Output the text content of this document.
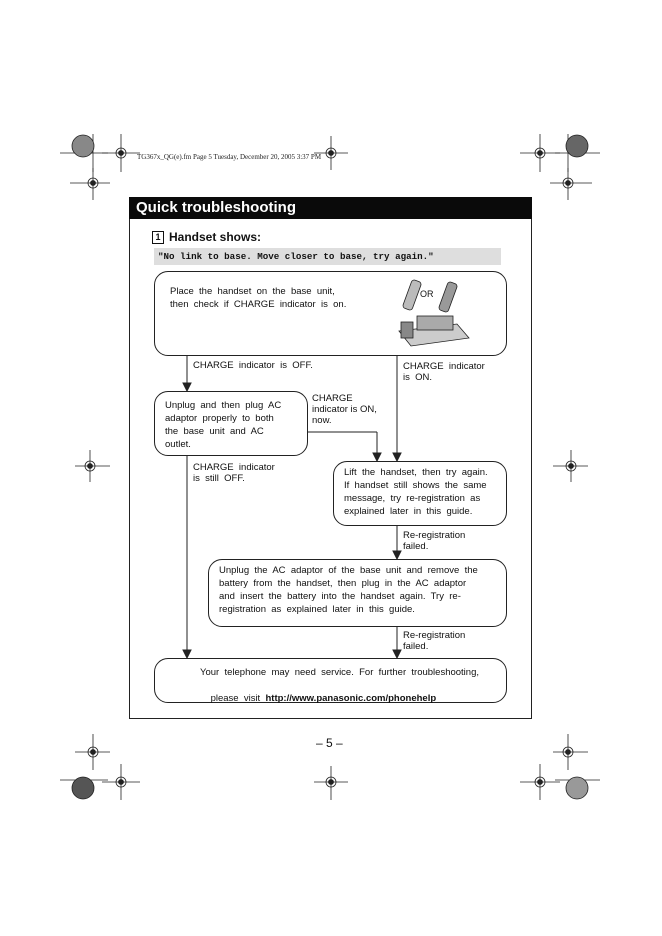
TG367x_QG(e).fm Page 5 Tuesday, December 20, 2005 3:37 PM
Quick troubleshooting
1 Handset shows:
"No link to base. Move closer to base, try again."
Place  the  handset  on  the  base  unit,
then  check  if  CHARGE  indicator  is  on.
OR
CHARGE  indicator  is  OFF.	CHARGE  indicator
is  ON.
Unplug  and  then  plug  AC
adaptor  properly  to  both
the  base  unit  and  AC
outlet.
CHARGE
indicator is ON,
now.
CHARGE  indicator
is  still  OFF.
Lift  the  handset,  then  try  again.
If  handset  still  shows  the  same
message,  try  re-registration  as
explained  later  in  this  guide.
Re-registration
failed.
Unplug  the  AC  adaptor  of  the  base  unit  and  remove  the
battery  from  the  handset,  then  plug  in  the  AC  adaptor
and  insert  the  battery  into  the  handset  again.  Try  re-
registration  as  explained  later  in  this  guide.
Re-registration
failed.
Your  telephone  may  need  service.  For  further  troubleshooting,

please  visit  http://www.panasonic.com/phonehelp

– 5 –
